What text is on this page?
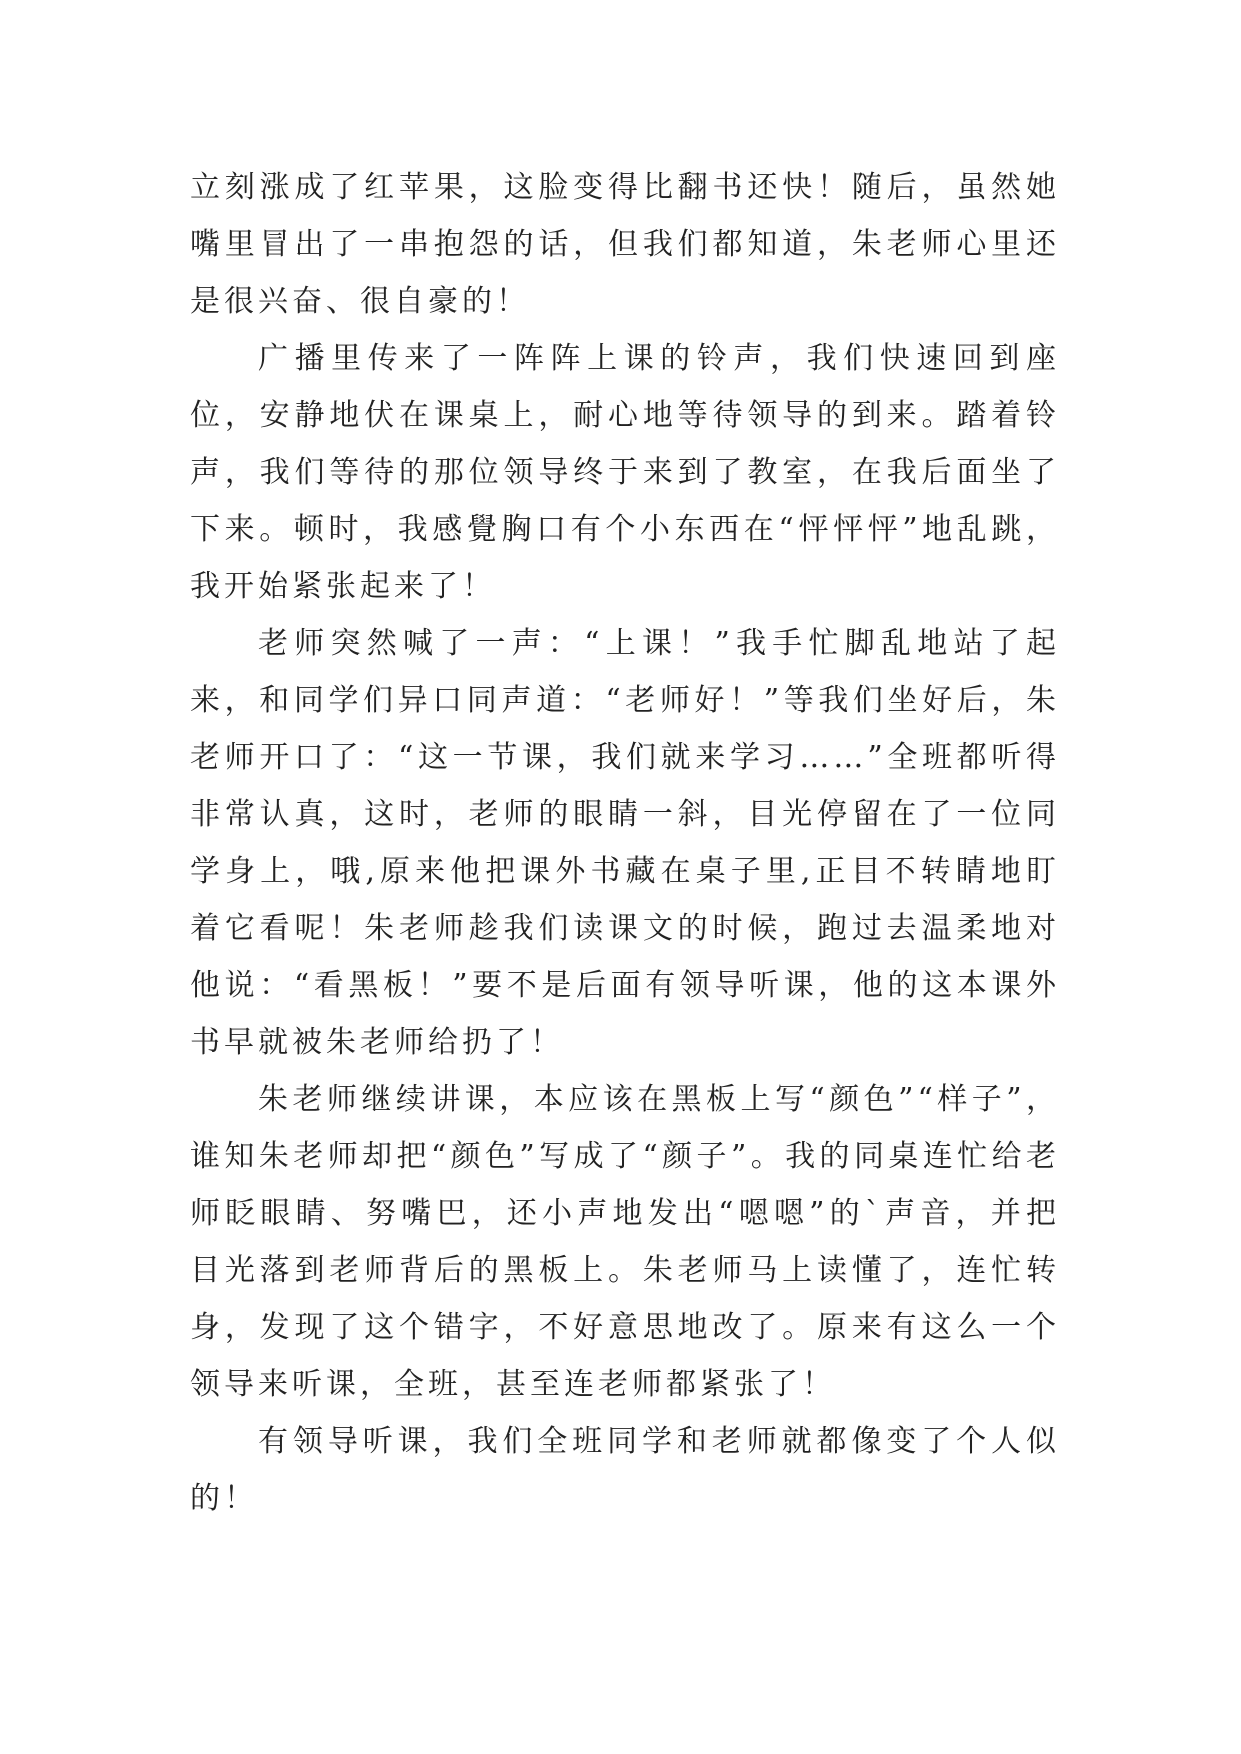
立刻涨成了红苹果，这脸变得比翻书还快！随后，虽然她嘴里冒出了一串抱怨的话，但我们都知道，朱老师心里还是很兴奋、很自豪的！

广播里传来了一阵阵上课的铃声，我们快速回到座位，安静地伏在课桌上，耐心地等待领导的到来。踏着铃声，我们等待的那位领导终于来到了教室，在我后面坐了下来。顿时，我感覺胸口有个小东西在“怦怦怦”地乱跳，我开始紧张起来了！

老师突然喊了一声：“上课！”我手忙脚乱地站了起来，和同学们异口同声道：“老师好！”等我们坐好后，朱老师开口了：“这一节课，我们就来学习……”全班都听得非常认真，这时，老师的眼睛一斜，目光停留在了一位同学身上，哦,原来他把课外书藏在桌子里,正目不转睛地盯着它看呢！朱老师趁我们读课文的时候，跑过去温柔地对他说：“看黑板！”要不是后面有领导听课，他的这本课外书早就被朱老师给扔了！

朱老师继续讲课，本应该在黑板上写“颜色”“样子”，谁知朱老师却把“颜色”写成了“颜子”。我的同桌连忙给老师眨眼睛、努嘴巴，还小声地发出“嗯嗯”的`声音，并把目光落到老师背后的黑板上。朱老师马上读懂了，连忙转身，发现了这个错字，不好意思地改了。原来有这么一个领导来听课，全班，甚至连老师都紧张了！

有领导听课，我们全班同学和老师就都像变了个人似的！
